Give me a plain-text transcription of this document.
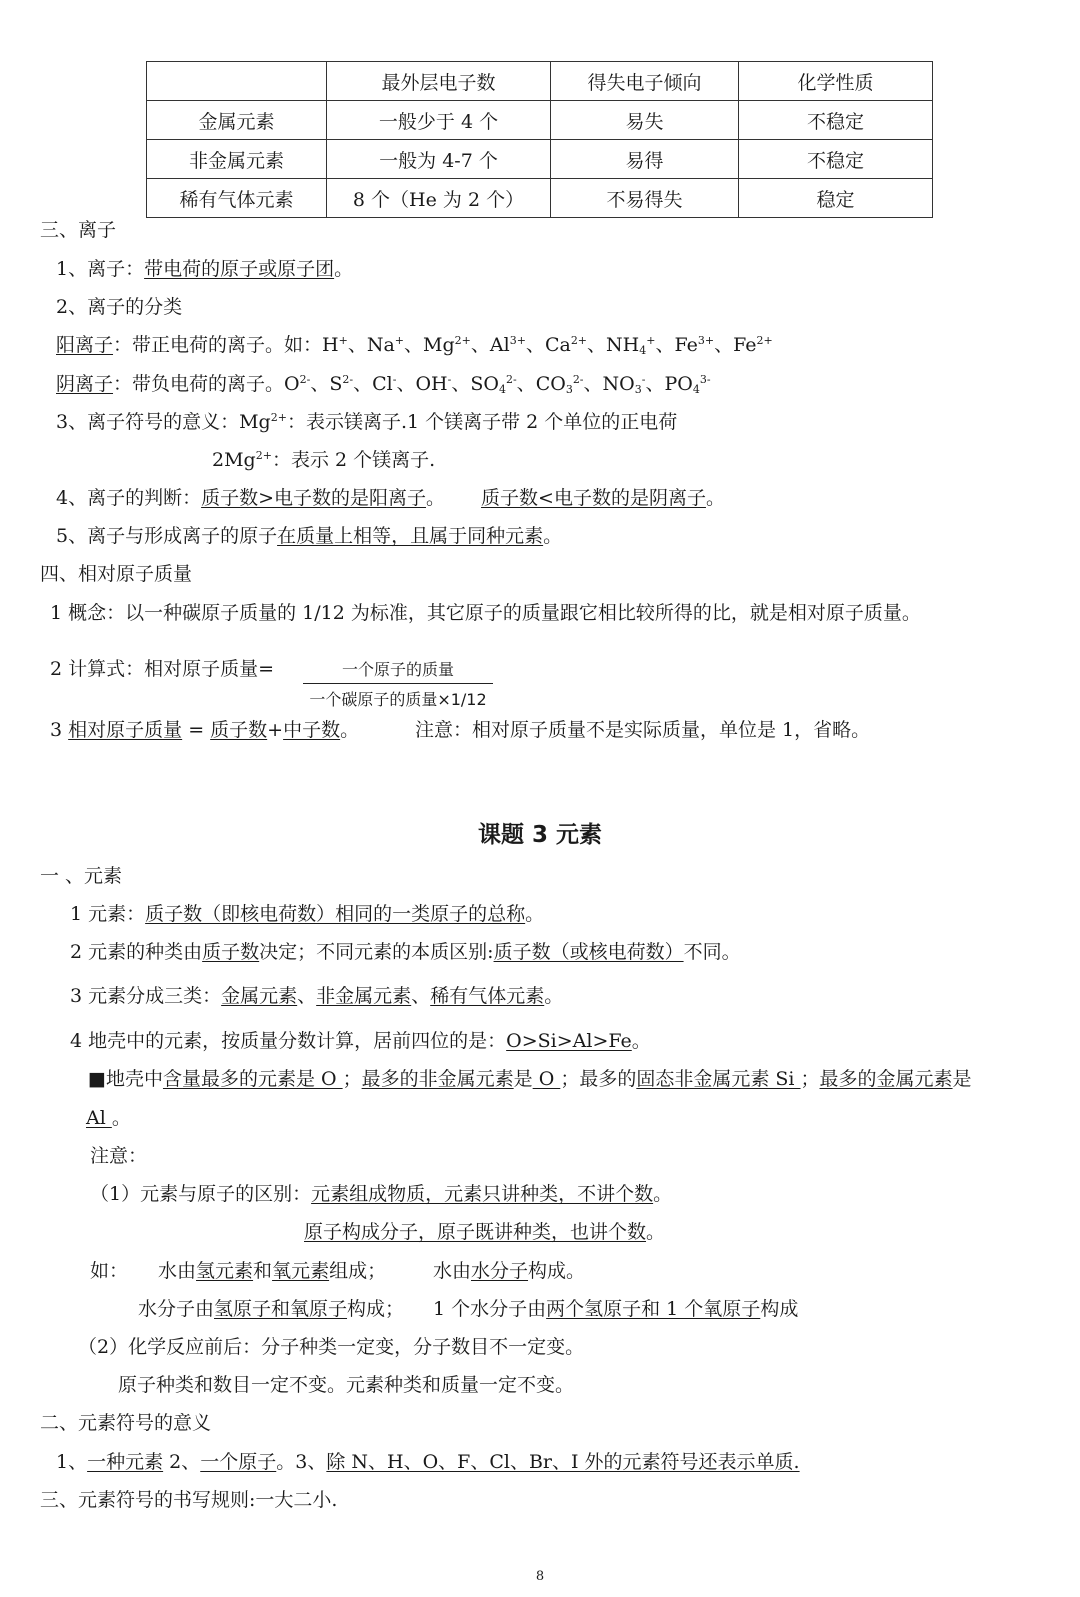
	最外层电子数	得失电子倾向	化学性质
金属元素	一般少于 4 个	易失	不稳定
非金属元素	一般为 4-7 个	易得	不稳定
稀有气体元素	8 个（He 为 2 个）	不易得失	稳定
三、离子
1、离子：带电荷的原子或原子团。
2、离子的分类
阳离子：带正电荷的离子。如：H+、Na+、$Mg^{2+}$、$Al^{3+}$、$Ca^{2+}$、$NH_4^+$、$Fe^{3+}$、$Fe^{2+}$
阴离子：带负电荷的离子。$O^{2-}$、$S^{2-}$、Cl-、OH-、$SO_4^{2-}$、$CO_3^{2-}$、$NO_3^-$、$PO_4^{3-}$
3、离子符号的意义：$Mg^{2+}$：表示镁离子.1 个镁离子带 2 个单位的正电荷
$2Mg^{2+}$：表示 2 个镁离子.
4、离子的判断：质子数>电子数的是阳离子。 质子数<电子数的是阴离子。
5、离子与形成离子的原子在质量上相等，且属于同种元素。
四、相对原子质量
1 概念：以一种碳原子质量的 1/12 为标准，其它原子的质量跟它相比较所得的比，就是相对原子质量。
2 计算式：相对原子质量=	一个原子的质量
一个碳原子的质量×1/12
3 相对原子质量 = 质子数+中子数。	注意：相对原子质量不是实际质量，单位是 1，省略。
课题 3 元素
一 、元素
1 元素：质子数（即核电荷数）相同的一类原子的总称。
2 元素的种类由质子数决定；不同元素的本质区别:质子数（或核电荷数）不同。
3 元素分成三类：金属元素、非金属元素、稀有气体元素。
4 地壳中的元素，按质量分数计算，居前四位的是：O>Si>Al>Fe。
■地壳中含量最多的元素是 O ；最多的非金属元素是 O ；最多的固态非金属元素 Si ；最多的金属元素是
Al 。
注意：
（1）元素与原子的区别：元素组成物质，元素只讲种类，不讲个数。
原子构成分子，原子既讲种类，也讲个数。
如： 水由氢元素和氧元素组成； 水由水分子构成。
水分子由氢原子和氧原子构成； 1 个水分子由两个氢原子和 1 个氧原子构成
（2）化学反应前后：分子种类一定变，分子数目不一定变。
原子种类和数目一定不变。元素种类和质量一定不变。
二、元素符号的意义
1、一种元素 2、一个原子。3、除 N、H、O、F、Cl、Br、I 外的元素符号还表示单质.
三、元素符号的书写规则:一大二小.
8
